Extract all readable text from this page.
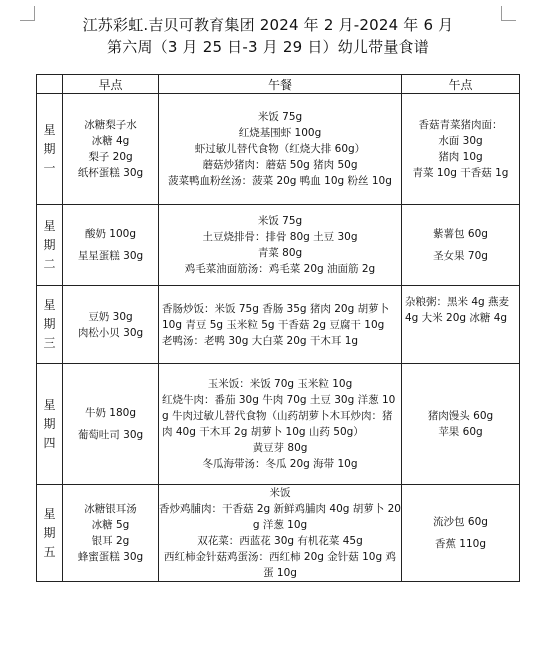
江苏彩虹.吉贝可教育集团 2024 年 2 月-2024 年 6 月
第六周（3 月 25 日-3 月 29 日）幼儿带量食谱
	早点	午餐	午点

星
期
一	冰糖梨子水
冰糖 4g
梨子 20g
纸杯蛋糕 30g	米饭 75g
红烧基围虾 100g
虾过敏儿替代食物（红烧大排 60g）
蘑菇炒猪肉：蘑菇 50g 猪肉 50g
菠菜鸭血粉丝汤：菠菜 20g 鸭血 10g 粉丝 10g	香菇青菜猪肉面：
水面 30g
猪肉 10g
青菜 10g 干香菇 1g

星
期
二	酸奶 100g
星星蛋糕 30g	米饭 75g
土豆烧排骨：排骨 80g 土豆 30g
青菜 80g
鸡毛菜油面筋汤：鸡毛菜 20g 油面筋 2g	紫薯包 60g
圣女果 70g

星
期
三	豆奶 30g
肉松小贝 30g	香肠炒饭：米饭 75g 香肠 35g 猪肉 20g 胡萝卜 10g 青豆 5g 玉米粒 5g 干香菇 2g 豆腐干 10g
老鸭汤：老鸭 30g 大白菜 20g 干木耳 1g	杂粮粥：黑米 4g 燕麦 4g 大米 20g 冰糖 4g

星
期
四	牛奶 180g
葡萄吐司 30g	玉米饭：米饭 70g 玉米粒 10g
红烧牛肉：番茄 30g 牛肉 70g 土豆 30g 洋葱 10g 牛肉过敏儿替代食物（山药胡萝卜木耳炒肉：猪肉 40g 干木耳 2g 胡萝卜 10g 山药 50g）
黄豆芽 80g
冬瓜海带汤：冬瓜 20g 海带 10g	猪肉馒头 60g
苹果 60g

星
期
五	冰糖银耳汤
冰糖 5g
银耳 2g
蜂蜜蛋糕 30g	米饭
香炒鸡脯肉：干香菇 2g 新鲜鸡脯肉 40g 胡萝卜 20g 洋葱 10g
双花菜：西蓝花 30g 有机花菜 45g
西红柿金针菇鸡蛋汤：西红柿 20g 金针菇 10g 鸡蛋 10g	流沙包 60g
香蕉 110g
